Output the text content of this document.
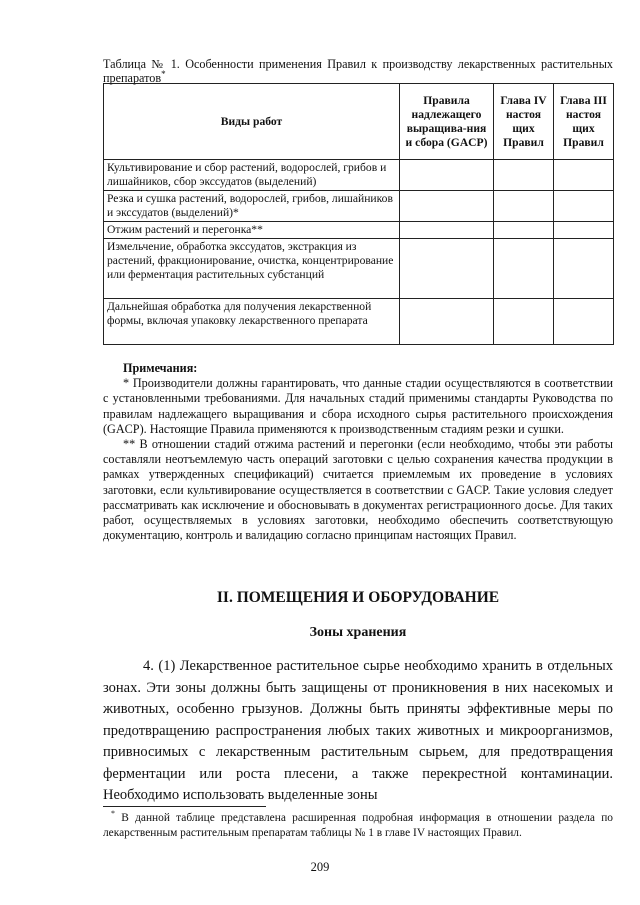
Таблица № 1. Особенности применения Правил к производству лекарственных растительных препаратов*
Виды работ	Правила надлежащего выращива-ния и сбора (GACP)	Глава IV настоя щих Правил	Глава III настоя щих Правил
Культивирование и сбор растений, водорослей, грибов и лишайников, сбор экссудатов (выделений)			
Резка и сушка растений, водорослей, грибов, лишайников и экссудатов (выделений)*			
Отжим растений и перегонка**			
Измельчение, обработка экссудатов, экстракция из растений, фракционирование, очистка, концентрирование или ферментация растительных субстанций			
Дальнейшая обработка для получения лекарственной формы, включая упаковку лекарственного препарата			

Примечания:

* Производители должны гарантировать, что данные стадии осуществляются в соответствии с установленными требованиями. Для начальных стадий применимы стандарты Руководства по правилам надлежащего выращивания и сбора исходного сырья растительного происхождения (GACP). Настоящие Правила применяются к производственным стадиям резки и сушки.

** В отношении стадий отжима растений и перегонки (если необходимо, чтобы эти работы составляли неотъемлемую часть операций заготовки с целью сохранения качества продукции в рамках утвержденных спецификаций) считается приемлемым их проведение в условиях заготовки, если культивирование осуществляется в соответствии с GACP. Такие условия следует рассматривать как исключение и обосновывать в документах регистрационного досье. Для таких работ, осуществляемых в условиях заготовки, необходимо обеспечить соответствующую документацию, контроль и валидацию согласно принципам настоящих Правил.

II. ПОМЕЩЕНИЯ И ОБОРУДОВАНИЕ
Зоны хранения

4. (1) Лекарственное растительное сырье необходимо хранить в отдельных зонах. Эти зоны должны быть защищены от проникновения в них насекомых и животных, особенно грызунов. Должны быть приняты эффективные меры по предотвращению распространения любых таких животных и микроорганизмов, привносимых с лекарственным растительным сырьем, для предотвращения ферментации или роста плесени, а также перекрестной контаминации. Необходимо использовать выделенные зоны

* В данной таблице представлена расширенная подробная информация в отношении раздела по лекарственным растительным препаратам таблицы № 1 в главе IV настоящих Правил.

209
